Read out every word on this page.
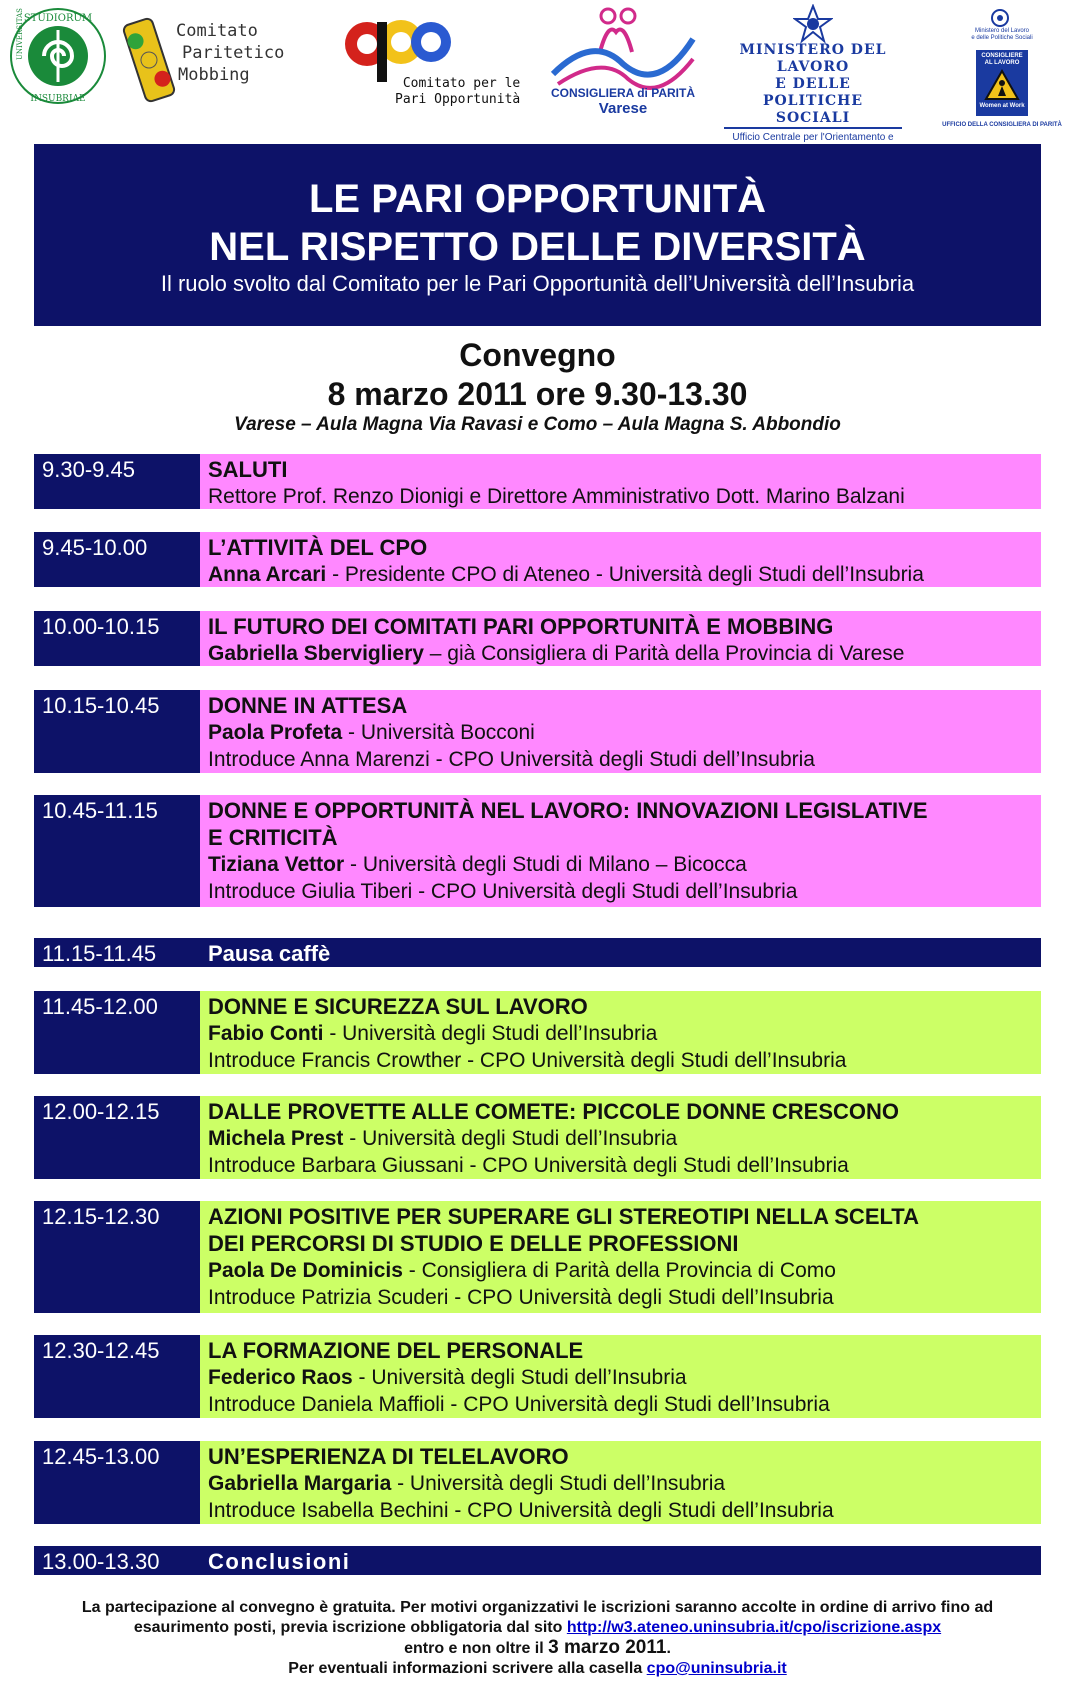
STUDIORUM
INSUBRIAE
UNIVERSITAS	Comitato
Paritetico
Mobbing	Comitato per le
Pari Opportunità	CONSIGLIERA di PARITÀ
Varese
MINISTERO DEL LAVORO
E DELLE POLITICHE SOCIALI
Ufficio Centrale per l'Orientamento e
Ministero del Lavoro
e delle Politiche Sociali
CONSIGLIERE
AL LAVORO
Women at Work
UFFICIO DELLA CONSIGLIERA DI PARITÀ
LE PARI OPPORTUNITÀ
NEL RISPETTO DELLE DIVERSITÀ
Il ruolo svolto dal Comitato per le Pari Opportunità dell’Università dell’Insubria
Convegno
8 marzo 2011 ore 9.30-13.30
Varese – Aula Magna Via Ravasi e Como – Aula Magna S. Abbondio
9.30-9.45	SALUTI
Rettore Prof. Renzo Dionigi e Direttore Amministrativo Dott. Marino Balzani
9.45-10.00	L’ATTIVITÀ DEL CPO
Anna Arcari - Presidente CPO di Ateneo - Università degli Studi dell’Insubria
10.00-10.15	IL FUTURO DEI COMITATI PARI OPPORTUNITÀ E MOBBING
Gabriella Sbervigliery – già Consigliera di Parità della Provincia di Varese
10.15-10.45	DONNE IN ATTESA
Paola Profeta - Università Bocconi
Introduce Anna Marenzi - CPO Università degli Studi dell’Insubria
10.45-11.15	DONNE E OPPORTUNITÀ NEL LAVORO: INNOVAZIONI LEGISLATIVE
E CRITICITÀ
Tiziana Vettor - Università degli Studi di Milano – Bicocca
Introduce Giulia Tiberi - CPO Università degli Studi dell’Insubria
11.15-11.45	Pausa caffè
11.45-12.00	DONNE E SICUREZZA SUL LAVORO
Fabio Conti - Università degli Studi dell’Insubria
Introduce Francis Crowther - CPO Università degli Studi dell’Insubria
12.00-12.15	DALLE PROVETTE ALLE COMETE: PICCOLE DONNE CRESCONO
Michela Prest - Università degli Studi dell’Insubria
Introduce Barbara Giussani - CPO Università degli Studi dell’Insubria
12.15-12.30	AZIONI POSITIVE PER SUPERARE GLI STEREOTIPI NELLA SCELTA
DEI PERCORSI DI STUDIO E DELLE PROFESSIONI
Paola De Dominicis - Consigliera di Parità della Provincia di Como
Introduce Patrizia Scuderi - CPO Università degli Studi dell’Insubria
12.30-12.45	LA FORMAZIONE DEL PERSONALE
Federico Raos - Università degli Studi dell’Insubria
Introduce Daniela Maffioli - CPO Università degli Studi dell’Insubria
12.45-13.00	UN’ESPERIENZA DI TELELAVORO
Gabriella Margaria - Università degli Studi dell’Insubria
Introduce Isabella Bechini - CPO Università degli Studi dell’Insubria
13.00-13.30	Conclusioni
La partecipazione al convegno è gratuita. Per motivi organizzativi le iscrizioni saranno accolte in ordine di arrivo fino ad
esaurimento posti, previa iscrizione obbligatoria dal sito http://w3.ateneo.uninsubria.it/cpo/iscrizione.aspx
entro e non oltre il 3 marzo 2011.
Per eventuali informazioni scrivere alla casella cpo@uninsubria.it
